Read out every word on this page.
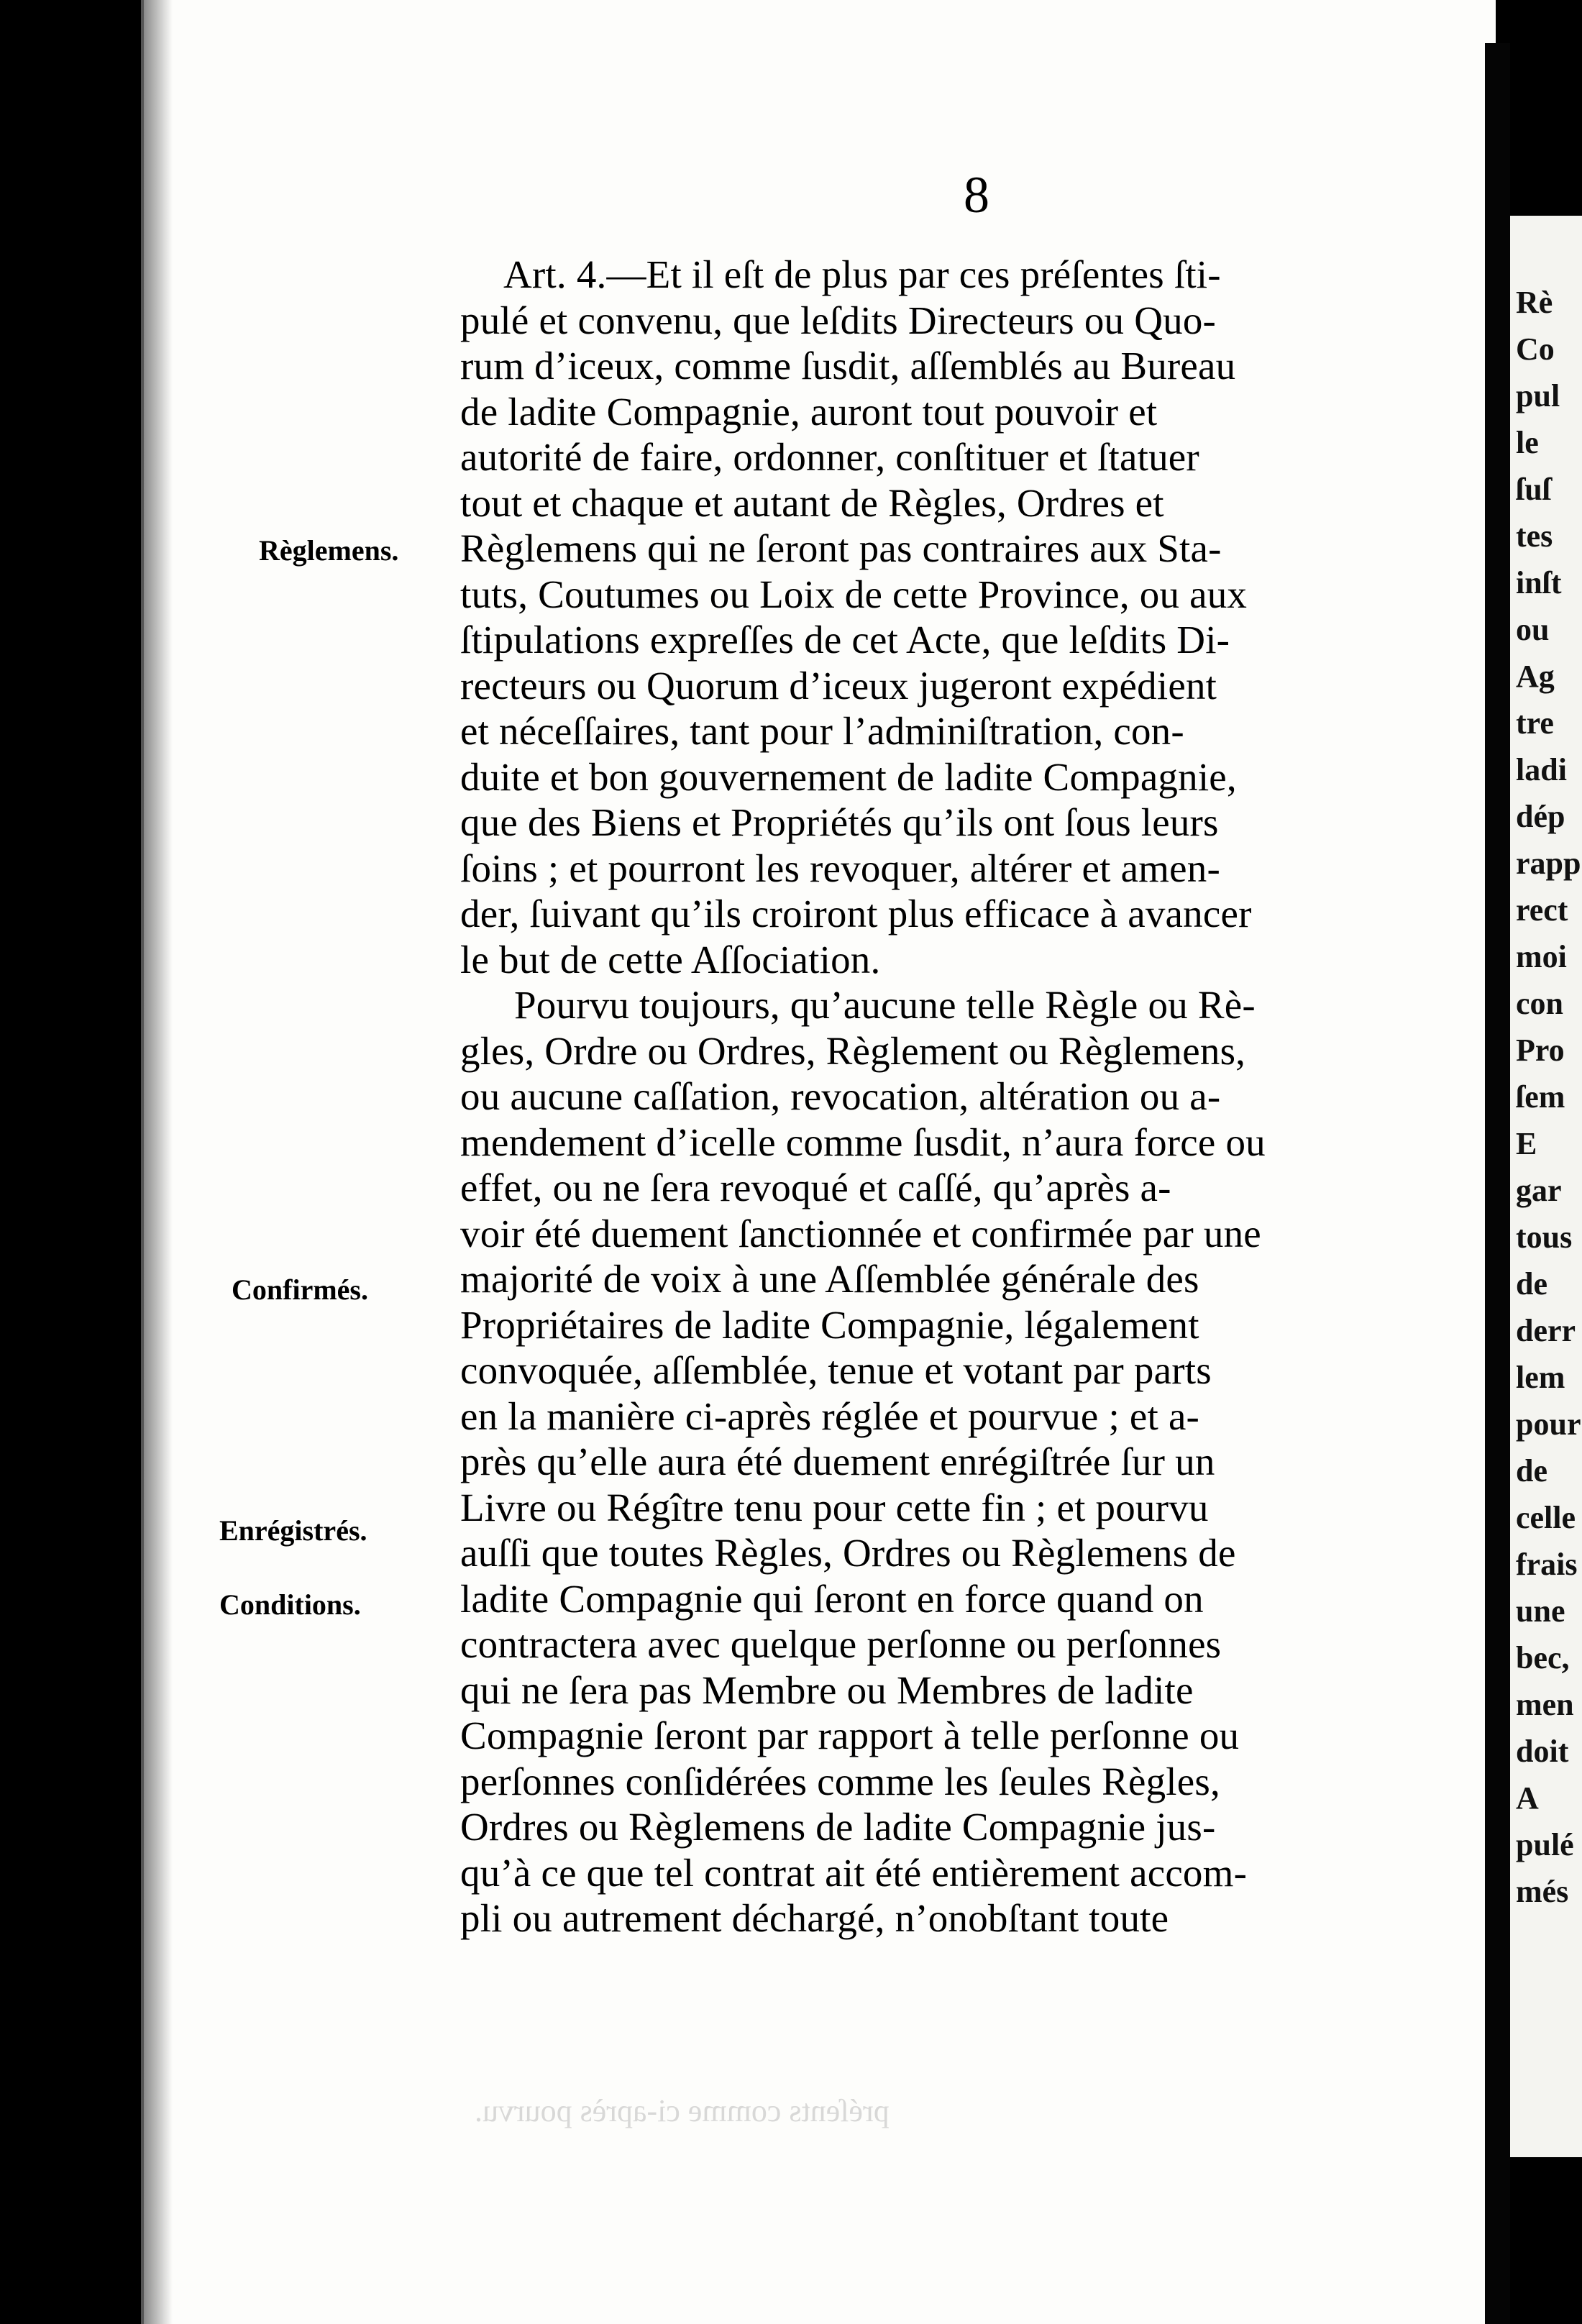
Rè
Co
pul
le
ſuſ
tes
inſt
ou
Ag
tre
ladi
dép
rapp
rect
moi
con
Pro
ſem
E
gar
tous
de
derr
lem
pour
de
celle
frais
une
bec,
men
doit
A
pulé
més
8
Règlemens.
Confirmés.
Enrégistrés.
Conditions.
Art. 4.—Et il eſt de plus par ces préſentes ſti-
pulé et convenu, que leſdits Directeurs ou Quo-
rum d’iceux, comme ſusdit, aſſemblés au Bureau
de ladite Compagnie, auront tout pouvoir et
autorité de faire, ordonner, conſtituer et ſtatuer
tout et chaque et autant de Règles, Ordres et
Règlemens qui ne ſeront pas contraires aux Sta-
tuts, Coutumes ou Loix de cette Province, ou aux
ſtipulations expreſſes de cet Acte, que leſdits Di-
recteurs ou Quorum d’iceux jugeront expédient
et néceſſaires, tant pour l’adminiſtration, con-
duite et bon gouvernement de ladite Compagnie,
que des Biens et Propriétés qu’ils ont ſous leurs
ſoins ; et pourront les revoquer, altérer et amen-
der, ſuivant qu’ils croiront plus efficace à avancer
le but de cette Aſſociation.
Pourvu toujours, qu’aucune telle Règle ou Rè-
gles, Ordre ou Ordres, Règlement ou Règlemens,
ou aucune caſſation, revocation, altération ou a-
mendement d’icelle comme ſusdit, n’aura force ou
effet, ou ne ſera revoqué et caſſé, qu’après a-
voir été duement ſanctionnée et confirmée par une
majorité de voix à une Aſſemblée générale des
Propriétaires de ladite Compagnie, légalement
convoquée, aſſemblée, tenue et votant par parts
en la manière ci-après réglée et pourvue ; et a-
près qu’elle aura été duement enrégiſtrée ſur un
Livre ou Régître tenu pour cette fin ; et pourvu
auſſi que toutes Règles, Ordres ou Règlemens de
ladite Compagnie qui ſeront en force quand on
contractera avec quelque perſonne ou perſonnes
qui ne ſera pas Membre ou Membres de ladite
Compagnie ſeront par rapport à telle perſonne ou
perſonnes conſidérées comme les ſeules Règles,
Ordres ou Règlemens de ladite Compagnie jus-
qu’à ce que tel contrat ait été entièrement accom-
pli ou autrement déchargé, n’onobſtant toute
préſents comme ci-après pourvu.
